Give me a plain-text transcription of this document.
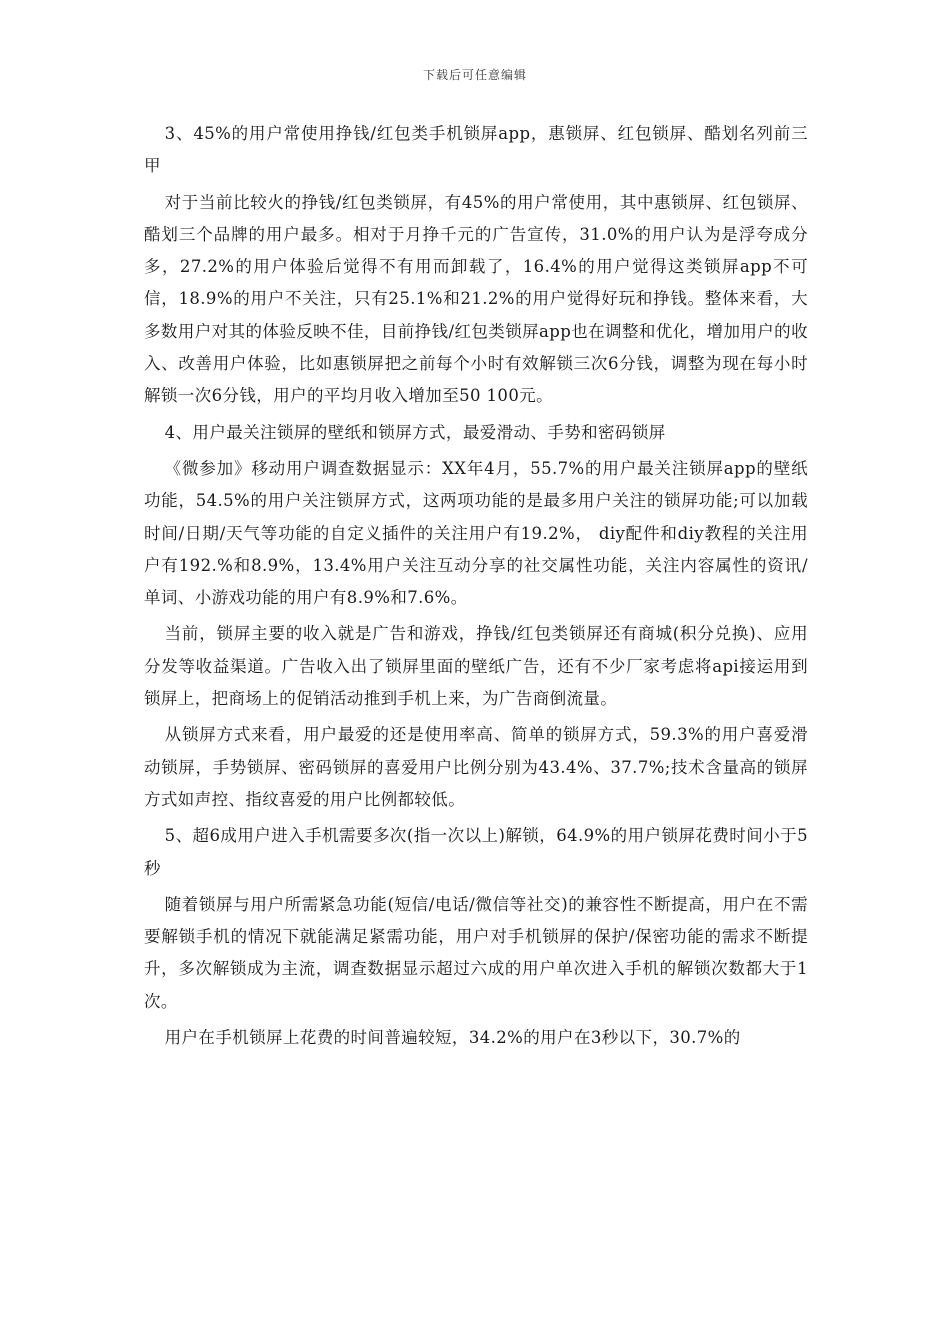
下载后可任意编辑

3、45%的用户常使用挣钱/红包类手机锁屏app，惠锁屏、红包锁屏、酷划名列前三甲

对于当前比较火的挣钱/红包类锁屏，有45%的用户常使用，其中惠锁屏、红包锁屏、酷划三个品牌的用户最多。相对于月挣千元的广告宣传，31.0%的用户认为是浮夸成分多，27.2%的用户体验后觉得不有用而卸载了，16.4%的用户觉得这类锁屏app不可信，18.9%的用户不关注，只有25.1%和21.2%的用户觉得好玩和挣钱。整体来看，大多数用户对其的体验反映不佳，目前挣钱/红包类锁屏app也在调整和优化，增加用户的收入、改善用户体验，比如惠锁屏把之前每个小时有效解锁三次6分钱，调整为现在每小时解锁一次6分钱，用户的平均月收入增加至50 100元。

4、用户最关注锁屏的壁纸和锁屏方式，最爱滑动、手势和密码锁屏

《微参加》移动用户调查数据显示：XX年4月，55.7%的用户最关注锁屏app的壁纸功能，54.5%的用户关注锁屏方式，这两项功能的是最多用户关注的锁屏功能;可以加载时间/日期/天气等功能的自定义插件的关注用户有19.2%， diy配件和diy教程的关注用户有192.%和8.9%，13.4%用户关注互动分享的社交属性功能，关注内容属性的资讯/单词、小游戏功能的用户有8.9%和7.6%。

当前，锁屏主要的收入就是广告和游戏，挣钱/红包类锁屏还有商城(积分兑换)、应用分发等收益渠道。广告收入出了锁屏里面的壁纸广告，还有不少厂家考虑将api接运用到锁屏上，把商场上的促销活动推到手机上来，为广告商倒流量。

从锁屏方式来看，用户最爱的还是使用率高、简单的锁屏方式，59.3%的用户喜爱滑动锁屏，手势锁屏、密码锁屏的喜爱用户比例分别为43.4%、37.7%;技术含量高的锁屏方式如声控、指纹喜爱的用户比例都较低。

5、超6成用户进入手机需要多次(指一次以上)解锁，64.9%的用户锁屏花费时间小于5秒

随着锁屏与用户所需紧急功能(短信/电话/微信等社交)的兼容性不断提高，用户在不需要解锁手机的情况下就能满足紧需功能，用户对手机锁屏的保护/保密功能的需求不断提升，多次解锁成为主流，调查数据显示超过六成的用户单次进入手机的解锁次数都大于1次。

用户在手机锁屏上花费的时间普遍较短，34.2%的用户在3秒以下，30.7%的
